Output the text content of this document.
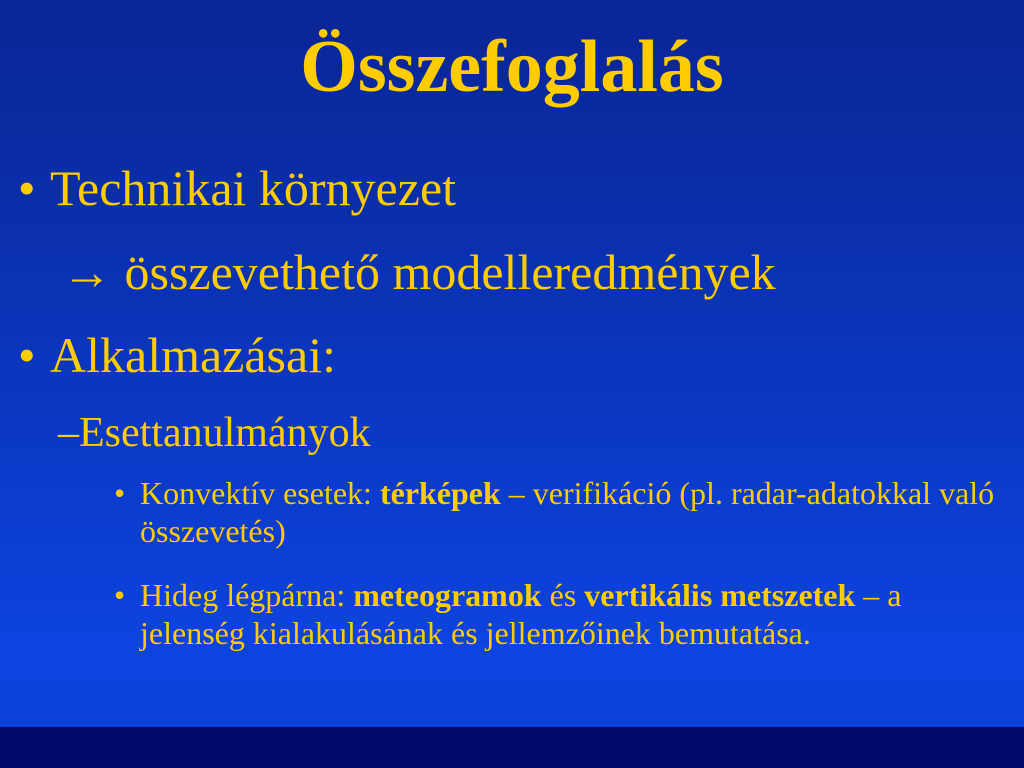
Összefoglalás
• Technikai környezet
→ összevethető modelleredmények
• Alkalmazásai:
–Esettanulmányok
• Konvektív esetek: térképek – verifikáció (pl. radar-adatokkal való összevetés)
• Hideg légpárna: meteogramok és vertikális metszetek – a jelenség kialakulásának és jellemzőinek bemutatása.
